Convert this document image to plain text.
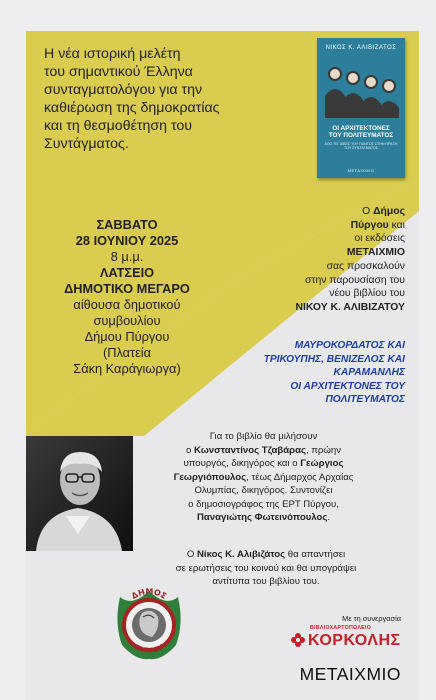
Η νέα ιστορική μελέτη
του σημαντικού Έλληνα
συνταγματολόγου για την
καθιέρωση της δημοκρατίας
και τη θεσμοθέτηση του
Συντάγματος.
ΝΙΚΟΣ Κ. ΑΛΙΒΙΖΑΤΟΣ
ΟΙ ΑΡΧΙΤΕΚΤΟΝΕΣ
ΤΟΥ ΠΟΛΙΤΕΥΜΑΤΟΣ
ΑΠΟ ΤΙΣ ΙΔΕΕΣ ΤΟΥ ΠΑΝΤΟΣ ΣΤΗΝ ΠΡΑΞΗ ΤΟΥ ΣΥΝΤΑΓΜΑΤΟΣ
ΜΕΤΑΙΧΜΙΟ
ΣΑΒΒΑΤΟ
28 ΙΟΥΝΙΟΥ 2025
8 μ.μ.
ΛΑΤΣΕΙΟ
ΔΗΜΟΤΙΚΟ ΜΕΓΑΡΟ
αίθουσα δημοτικού
συμβουλίου
Δήμου Πύργου
(Πλατεία
Σάκη Καράγιωργα)
Ο Δήμος
Πύργου και
οι εκδόσεις
ΜΕΤΑΙΧΜΙΟ
σας προσκαλούν
στην παρουσίαση του
νέου βιβλίου του
ΝΙΚΟΥ Κ. ΑΛΙΒΙΖΑΤΟΥ
ΜΑΥΡΟΚΟΡΔΑΤΟΣ ΚΑΙ
ΤΡΙΚΟΥΠΗΣ, ΒΕΝΙΖΕΛΟΣ ΚΑΙ
ΚΑΡΑΜΑΝΛΗΣ
ΟΙ ΑΡΧΙΤΕΚΤΟΝΕΣ ΤΟΥ
ΠΟΛΙΤΕΥΜΑΤΟΣ
Για το βιβλίο θα μιλήσουν
ο Κωνσταντίνος Τζαβάρας, πρώην
υπουργός, δικηγόρος και ο Γεώργιος
Γεωργιόπουλος, τέως Δήμαρχος Αρχαίας
Ολυμπίας, δικηγόρος. Συντονίζει
ο δημοσιογράφος της ΕΡΤ Πύργου,
Παναγιώτης Φωτεινόπουλος.
Ο Νίκος Κ. Αλιβιζάτος θα απαντήσει
σε ερωτήσεις του κοινού και θα υπογράψει
αντίτυπα του βιβλίου του.
ΔΗΜΟΣ
ΠΥΡΓΟΥ
Με τη συνεργασία
ΒΙΒΛΙΟΧΑΡΤΟΠΩΛΕΙΟ
ΚΟΡΚΟΛΗΣ
ΜΕΤΑΙΧΜΙΟ
